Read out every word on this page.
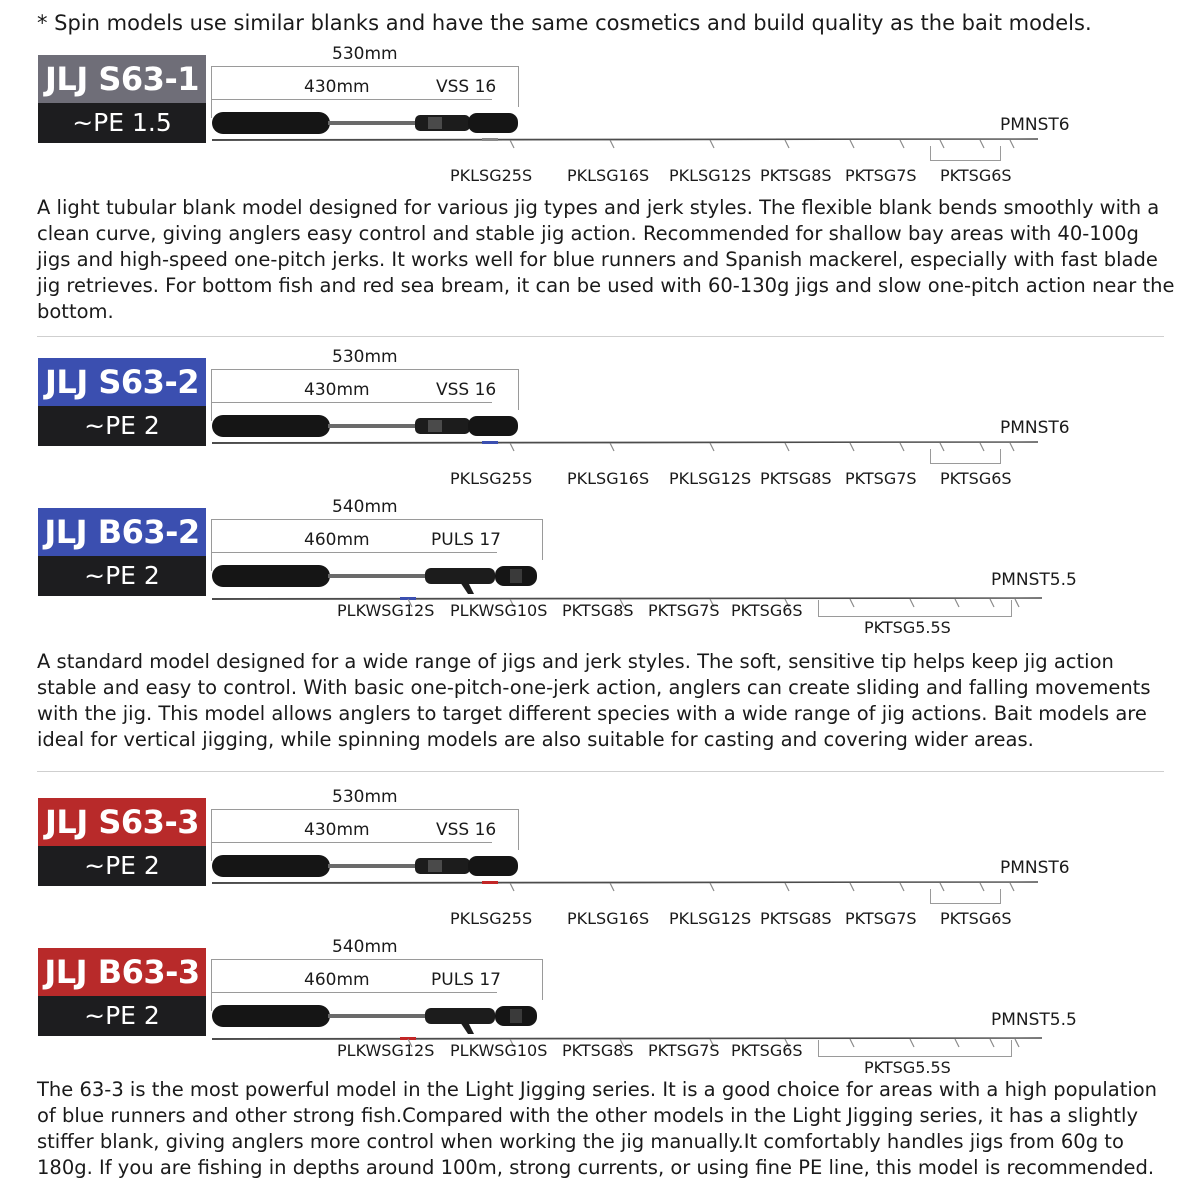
* Spin models use similar blanks and have the same cosmetics and build quality as the bait models.
JLJ S63-1
~PE 1.5
530mm
430mm	VSS 16
PMNST6
PKLSG25S PKLSG16S PKLSG12S PKTSG8S PKTSG7S PKTSG6S
A light tubular blank model designed for various jig types and jerk styles. The flexible blank bends smoothly with a clean curve, giving anglers easy control and stable jig action. Recommended for shallow bay areas with 40-100g jigs and high-speed one-pitch jerks. It works well for blue runners and Spanish mackerel, especially with fast blade jig retrieves. For bottom fish and red sea bream, it can be used with 60-130g jigs and slow one-pitch action near the bottom.
JLJ S63-2
~PE 2
530mm
430mm	VSS 16
PMNST6
PKLSG25S PKLSG16S PKLSG12S PKTSG8S PKTSG7S PKTSG6S
JLJ B63-2
~PE 2
540mm
460mm	PULS 17
PMNST5.5
PLKWSG12S PLKWSG10S PKTSG8S PKTSG7S PKTSG6S
PKTSG5.5S
A standard model designed for a wide range of jigs and jerk styles. The soft, sensitive tip helps keep jig action stable and easy to control. With basic one-pitch-one-jerk action, anglers can create sliding and falling movements with the jig. This model allows anglers to target different species with a wide range of jig actions. Bait models are ideal for vertical jigging, while spinning models are also suitable for casting and covering wider areas.
JLJ S63-3
~PE 2
530mm
430mm	VSS 16
PMNST6
PKLSG25S PKLSG16S PKLSG12S PKTSG8S PKTSG7S PKTSG6S
JLJ B63-3
~PE 2
540mm
460mm	PULS 17
PMNST5.5
PLKWSG12S PLKWSG10S PKTSG8S PKTSG7S PKTSG6S
PKTSG5.5S
The 63-3 is the most powerful model in the Light Jigging series. It is a good choice for areas with a high population of blue runners and other strong fish.Compared with the other models in the Light Jigging series, it has a slightly stiffer blank, giving anglers more control when working the jig manually.It comfortably handles jigs from 60g to 180g. If you are fishing in depths around 100m, strong currents, or using fine PE line, this model is recommended.
